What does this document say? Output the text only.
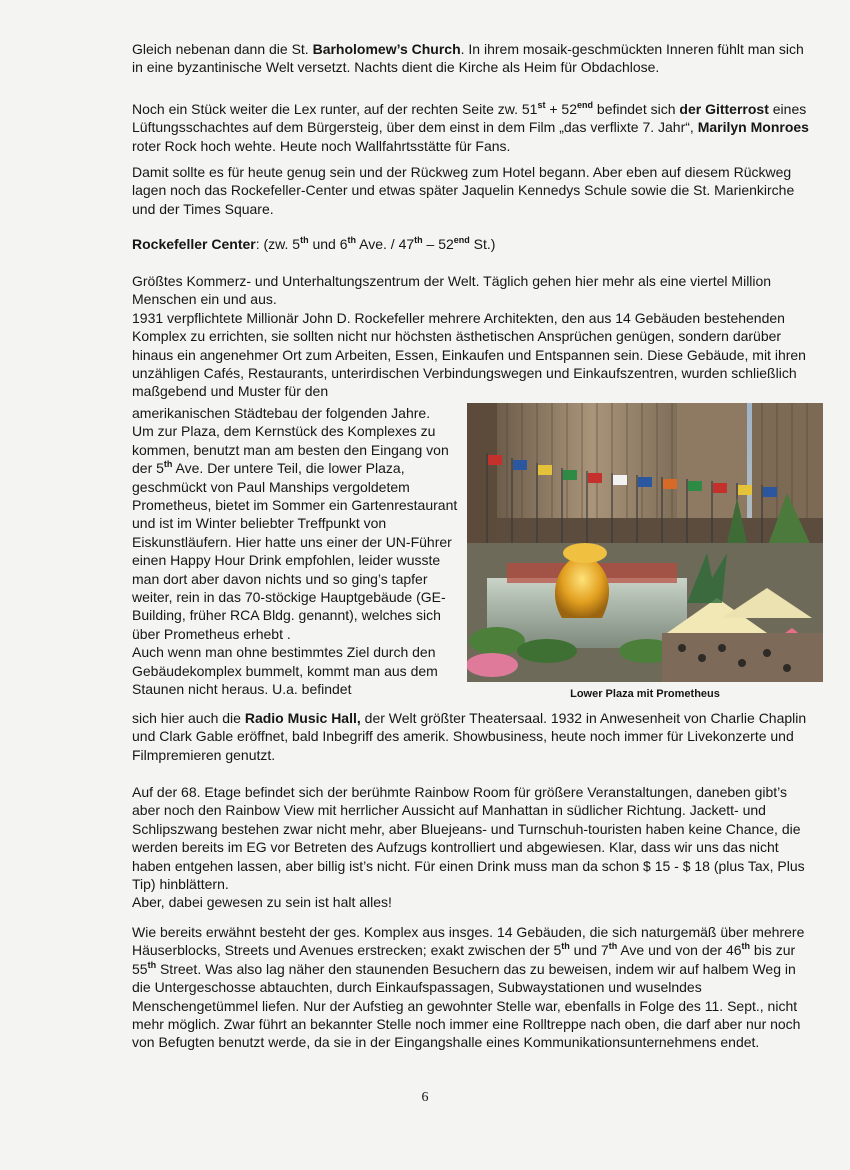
Gleich nebenan dann die St. Barholomew’s Church. In ihrem mosaik-geschmückten Inneren fühlt man sich in eine byzantinische Welt versetzt. Nachts dient die Kirche als Heim für Obdachlose.

Noch ein Stück weiter die Lex runter, auf der rechten Seite zw. $51st + 52^{end}$ befindet sich der Gitterrost eines Lüftungsschachtes auf dem Bürgersteig, über dem einst in dem Film „das verflixte 7. Jahr“, Marilyn Monroes roter Rock hoch wehte. Heute noch Wallfahrtsstätte für Fans.

Damit sollte es für heute genug sein und der Rückweg zum Hotel begann. Aber eben auf diesem Rückweg lagen noch das Rockefeller-Center und etwas später Jaquelin Kennedys Schule sowie die St. Marienkirche und der Times Square.

Rockefeller Center: (zw. 5th und 6th Ave. / $47th - 52^{end}$ St.)

Größtes Kommerz- und Unterhaltungszentrum der Welt. Täglich gehen hier mehr als eine viertel Million Menschen ein und aus.
1931 verpflichtete Millionär John D. Rockefeller mehrere Architekten, den aus 14 Gebäuden bestehenden Komplex zu errichten, sie sollten nicht nur höchsten ästhetischen Ansprüchen genügen, sondern darüber hinaus ein angenehmer Ort zum Arbeiten, Essen, Einkaufen und Entspannen sein. Diese Gebäude, mit ihren unzähligen Cafés, Restaurants, unterirdischen Verbindungswegen und Einkaufszentren, wurden schließlich maßgebend und Muster für den
amerikanischen Städtebau der folgenden Jahre.
Um zur Plaza, dem Kernstück des Komplexes zu kommen, benutzt man am besten den Eingang von der 5th Ave. Der untere Teil, die lower Plaza, geschmückt von Paul Manships vergoldetem Prometheus, bietet im Sommer ein Gartenrestaurant und ist im Winter beliebter Treffpunkt von Eiskunstläufern. Hier hatte uns einer der UN-Führer einen Happy Hour Drink empfohlen, leider wusste man dort aber davon nichts und so ging’s tapfer weiter, rein in das 70-stöckige Hauptgebäude (GE-Building, früher RCA Bldg. genannt), welches sich über Prometheus erhebt .
Auch wenn man ohne bestimmtes Ziel durch den Gebäudekomplex bummelt, kommt man aus dem Staunen nicht heraus. U.a. befindet	Lower Plaza mit Prometheus

sich hier auch die Radio Music Hall, der Welt größter Theatersaal. 1932 in Anwesenheit von Charlie Chaplin und Clark Gable eröffnet, bald Inbegriff des amerik. Showbusiness, heute noch immer für Livekonzerte und Filmpremieren genutzt.

Auf der 68. Etage befindet sich der berühmte Rainbow Room für größere Veranstaltungen, daneben gibt’s aber noch den Rainbow View mit herrlicher Aussicht auf Manhattan in südlicher Richtung. Jackett- und Schlipszwang bestehen zwar nicht mehr, aber Bluejeans- und Turnschuh-touristen haben keine Chance, die werden bereits im EG vor Betreten des Aufzugs kontrolliert und abgewiesen. Klar, dass wir uns das nicht haben entgehen lassen, aber billig ist’s nicht. Für einen Drink muss man da schon $ 15 - $ 18 (plus Tax, Plus Tip) hinblättern.
Aber, dabei gewesen zu sein ist halt alles!

Wie bereits erwähnt besteht der ges. Komplex aus insges. 14 Gebäuden, die sich naturgemäß über mehrere Häuserblocks, Streets und Avenues erstrecken; exakt zwischen der 5th und 7th Ave und von der 46th bis zur 55th Street. Was also lag näher den staunenden Besuchern das zu beweisen, indem wir auf halbem Weg in die Untergeschosse abtauchten, durch Einkaufspassagen, Subwaystationen und wuselndes Menschengetümmel liefen. Nur der Aufstieg an gewohnter Stelle war, ebenfalls in Folge des 11. Sept., nicht mehr möglich. Zwar führt an bekannter Stelle noch immer eine Rolltreppe nach oben, die darf aber nur noch von Befugten benutzt werde, da sie in der Eingangshalle eines Kommunikationsunternehmens endet.

6
